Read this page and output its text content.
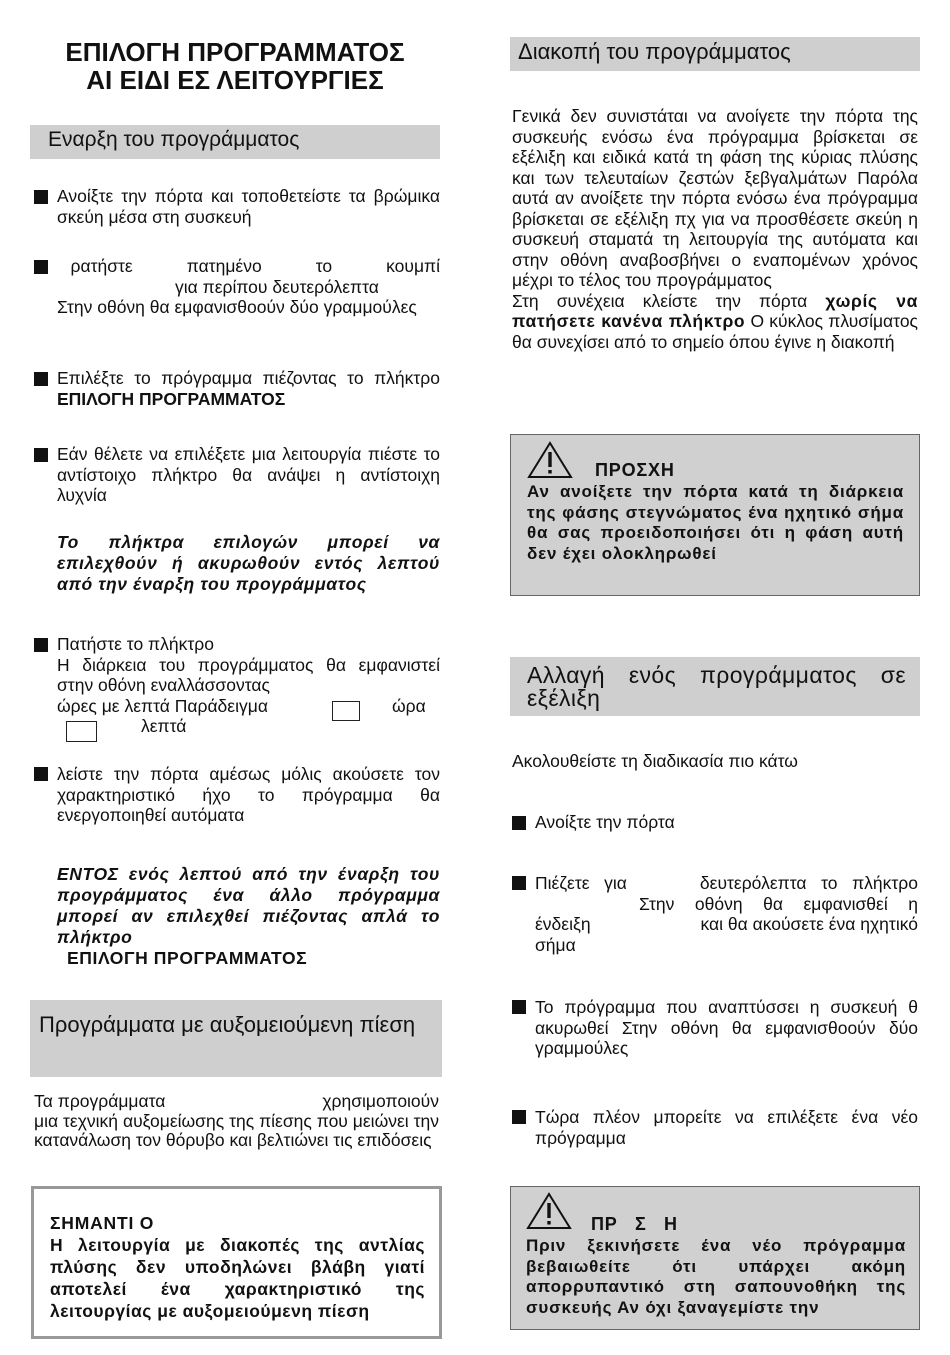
ΕΠΙΛΟΓΗ ΠΡΟΓΡΑΜΜΑΤΟΣ
ΑΙ ΕΙΔΙ ΕΣ ΛΕΙΤΟΥΡΓΙΕΣ
Εναρξη του προγράμματος
Ανοίξτε την πόρτα και τοποθετείστε τα βρώμικα σκεύη μέσα στη συσκευή
ρατήστε    πατημένο    το    κουμπί
για περίπου δευτερόλεπτα
Στην οθόνη θα εμφανισθοούν δύο γραμμούλες
Επιλέξτε το πρόγραμμα πιέζοντας το πλήκτρο ΕΠΙΛΟΓΗ ΠΡΟΓΡΑΜΜΑΤΟΣ
Εάν θέλετε να επιλέξετε μια λειτουργία πιέστε το αντίστοιχο πλήκτρο θα ανάψει η αντίστοιχη λυχνία
Το πλήκτρα επιλογών μπορεί να επιλεχθούν ή ακυρωθούν εντός λεπτού από την έναρξη του προγράμματος
Πατήστε το πλήκτρο
Η διάρκεια του προγράμματος θα εμφανιστεί στην οθόνη εναλλάσσοντας
ώρες με λεπτά Παράδειγμα	ώρα
λεπτά
λείστε την πόρτα αμέσως μόλις ακούσετε τον χαρακτηριστικό ήχο το πρόγραμμα θα ενεργοποιηθεί αυτόματα
ΕΝΤΟΣ ενός λεπτού από την έναρξη του προγράμματος ένα άλλο πρόγραμμα μπορεί αν επιλεχθεί πιέζοντας απλά το πλήκτρο
ΕΠΙΛΟΓΗ ΠΡΟΓΡΑΜΜΑΤΟΣ
Προγράμματα με αυξομειούμενη πίεση
Τα προγράμματα	χρησιμοποιούν
μια τεχνική αυξομείωσης της πίεσης που μειώνει την κατανάλωση τον θόρυβο και βελτιώνει τις επιδόσεις
ΣΗΜΑΝΤΙ Ο
Η λειτουργία με διακοπές της αντλίας πλύσης δεν υποδηλώνει βλάβη γιατί αποτελεί ένα χαρακτηριστικό της λειτουργίας με αυξομειούμενη πίεση
Διακοπή του προγράμματος
Γενικά δεν συνιστάται να ανοίγετε την πόρτα της συσκευής ενόσω ένα πρόγραμμα βρίσκεται σε εξέλιξη και ειδικά κατά τη φάση της κύριας πλύσης και των τελευταίων ζεστών ξεβγαλμάτων Παρόλα αυτά αν ανοίξετε την πόρτα ενόσω ένα πρόγραμμα βρίσκεται σε εξέλιξη πχ για να προσθέσετε σκεύη η συσκευή σταματά τη λειτουργία της αυτόματα και στην οθόνη αναβοσβήνει ο εναπομένων χρόνος μέχρι το τέλος του προγράμματος
Στη συνέχεια κλείστε την πόρτα χωρίς να πατήσετε κανένα πλήκτρο Ο κύκλος πλυσίματος θα συνεχίσει από το σημείο όπου έγινε η διακοπή
ΠΡΟΣΧΗ
Αν ανοίξετε την πόρτα κατά τη διάρκεια της φάσης στεγνώματος ένα ηχητικό σήμα θα σας προειδοποιήσει ότι η φάση αυτή δεν έχει ολοκληρωθεί
Αλλαγή ενός προγράμματος σε εξέλιξη
Ακολουθείστε τη διαδικασία πιο κάτω
Ανοίξτε την πόρτα
Πιέζετε για     δευτερόλεπτα το πλήκτρο
Στην οθόνη θα εμφανισθεί η
ένδειξη	και θα ακούσετε ένα ηχητικό
σήμα
Το πρόγραμμα που αναπτύσσει η συσκευή θ ακυρωθεί Στην οθόνη θα εμφανισθοούν δύο γραμμούλες
Τώρα πλέον μπορείτε να επιλέξετε ένα νέο πρόγραμμα
ΠΡ   Σ   Η
Πριν ξεκινήσετε ένα νέο πρόγραμμα βεβαιωθείτε ότι υπάρχει ακόμη απορρυπαντικό στη σαπουνοθήκη της συσκευής Αν όχι ξαναγεμίστε την
